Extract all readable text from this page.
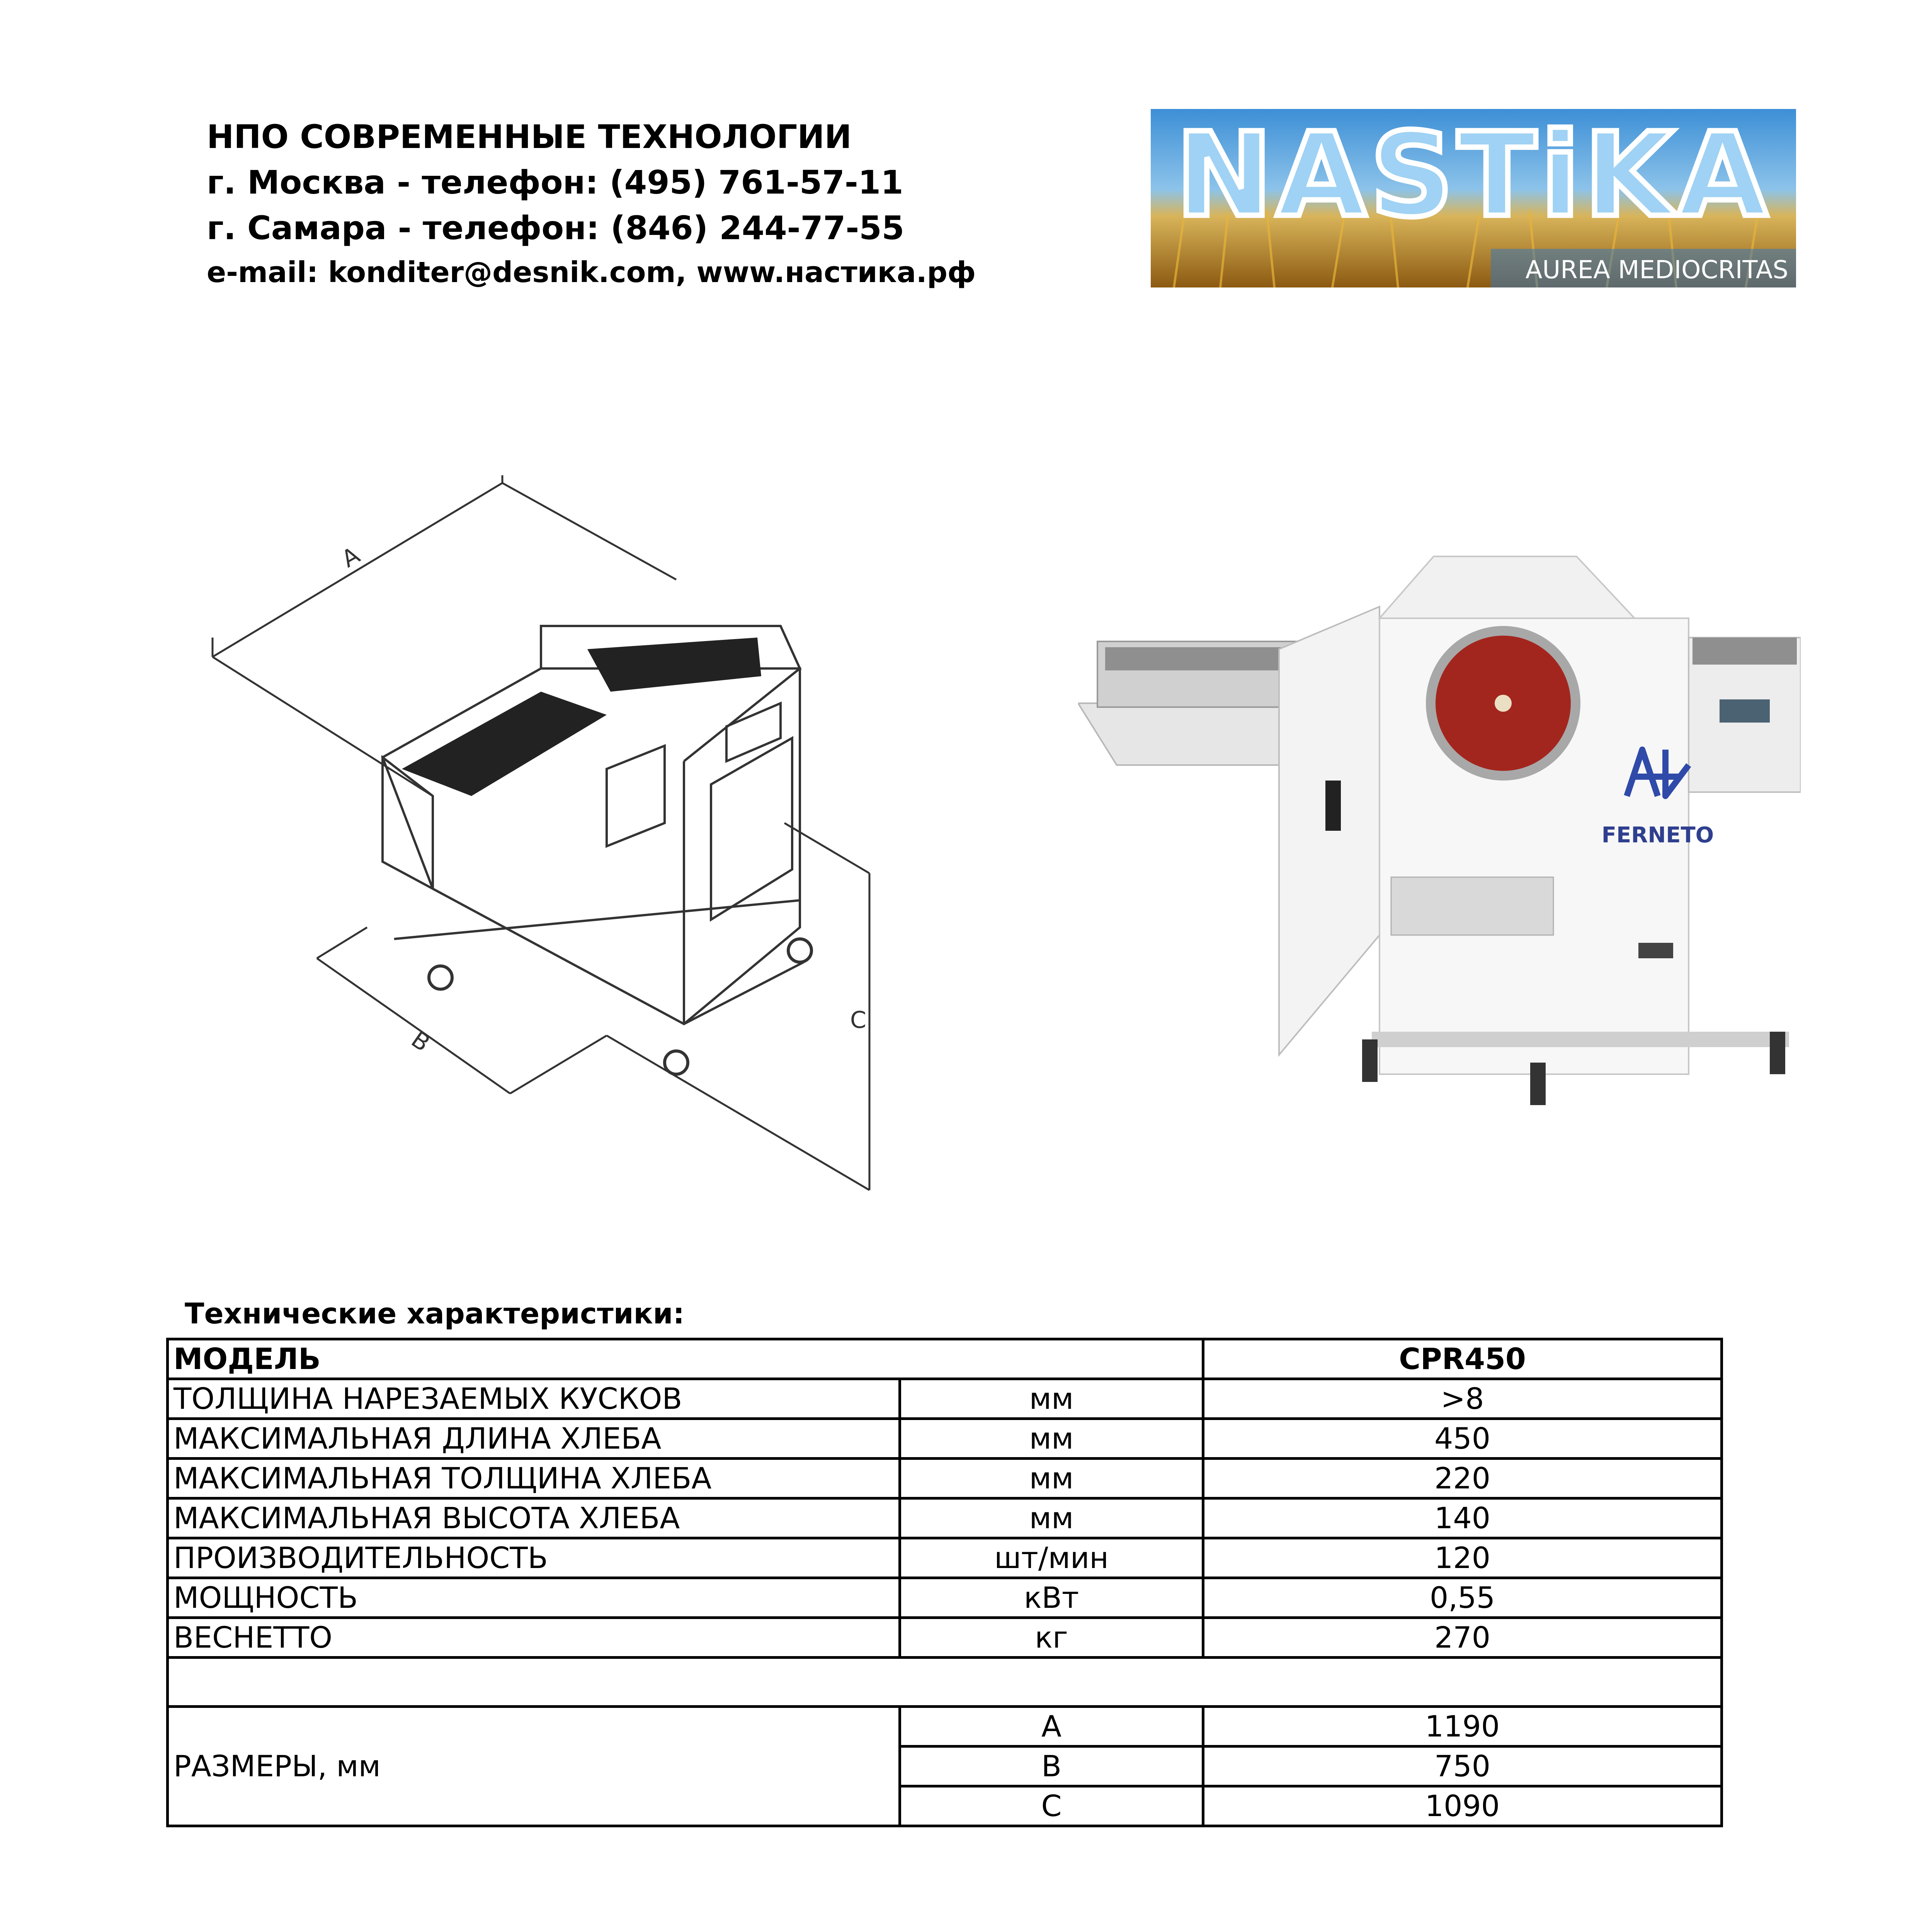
НПО СОВРЕМЕННЫЕ ТЕХНОЛОГИИ
г. Москва - телефон: (495) 761-57-11
г. Самара - телефон: (846) 244-77-55
e-mail: konditer@desnik.com, www.настика.рф
NASTiKA
AUREA MEDIOCRITAS
A
B
C
FERNETO
Технические характеристики:
МОДЕЛЬ		CPR450
ТОЛЩИНА НАРЕЗАЕМЫХ КУСКОВ	мм	>8
МАКСИМАЛЬНАЯ ДЛИНА ХЛЕБА	мм	450
МАКСИМАЛЬНАЯ ТОЛЩИНА ХЛЕБА	мм	220
МАКСИМАЛЬНАЯ ВЫСОТА ХЛЕБА	мм	140
ПРОИЗВОДИТЕЛЬНОСТЬ	шт/мин	120
МОЩНОСТЬ	кВт	0,55
ВЕСНЕТТО	кг	270

РАЗМЕРЫ, мм	A	1190
	B	750
	C	1090
